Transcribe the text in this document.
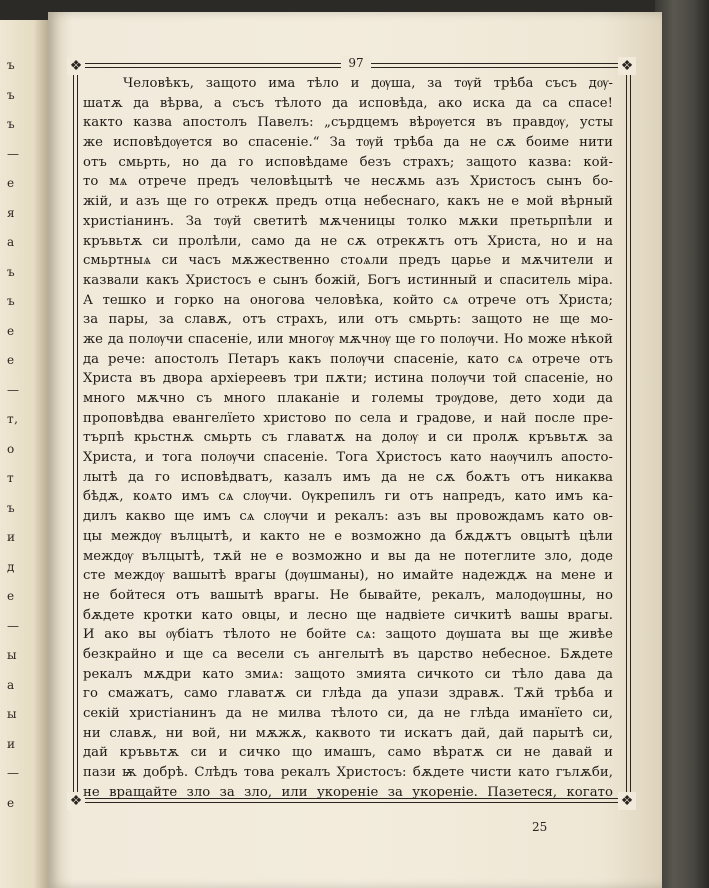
ъ
ъ
ъ
—
е
я
а
ъ
ъ
е
е
—
т,
о
т
ъ
и
д
е
—
ы
а
ы
и
—
е
❖	❖
❖	❖
97
Человѣкъ, защото има тѣло и дѹша, за тѹй трѣба съсъ дѹ-
шатѫ да вѣрва, а съсъ тѣлото да исповѣда, ако иска да са спасе!
както казва апостолъ Павелъ: „сърдцемъ вѣрѹется въ правдѹ, усты
же исповѣдѹется во спасеніе.“ За тѹй трѣба да не сѫ боиме нити
отъ смьрть, но да го исповѣдаме безъ страхъ; защото казва: кой-
то мѧ отрече предъ человѣцытѣ че несѫмь азъ Христосъ сынъ бо-
жій, и азъ ще го отрекѫ предъ отца небеснаго, какъ не е мой вѣрный
христіанинъ. За тѹй светитѣ мѫченицы толко мѫки претьрпѣли и
кръвьтѫ си пролѣли, само да не сѫ отрекѫтъ отъ Христа, но и на
смьртныѧ си часъ мѫжественно стоѧли предъ царье и мѫчители и
казвали какъ Христосъ е сынъ божій, Богъ истинный и спаситель міра.
А тешко и горко на оногова человѣка, който сѧ отрече отъ Христа;
за пары, за славѫ, отъ страхъ, или отъ смьрть: защото не ще мо-
же да полѹчи спасеніе, или многѹ мѫчнѹ ще го полѹчи. Но може нѣкой
да рече: апостолъ Петаръ какъ полѹчи спасеніе, като сѧ отрече отъ
Христа въ двора архіереевъ три пѫти; истина полѹчи той спасеніе, но
много мѫчно съ много плаканіе и големы трѹдове, дето ходи да
проповѣдва евангелїето христово по села и градове, и най после пре-
търпѣ крьстнѫ смьрть съ главатѫ на долѹ и си пролѫ кръвьтѫ за
Христа, и тога полѹчи спасеніе. Тога Христосъ като наѹчилъ апосто-
лытѣ да го исповѣдватъ, казалъ имъ да не сѫ боѫтъ отъ никаква
бѣдѫ, коѧто имъ сѧ слѹчи. Ѹкрепилъ ги отъ напредъ, като имъ ка-
дилъ какво ще имъ сѧ слѹчи и рекалъ: азъ вы провождамъ като ов-
цы междѹ вълцытѣ, и както не е возможно да бѫдѫтъ овцытѣ цѣли
междѹ вълцытѣ, тѫй не е возможно и вы да не потеглите зло, доде
сте междѹ вашытѣ врагы (дѹшманы), но имайте надеждѫ на мене и
не бойтеся отъ вашытѣ врагы. Не бывайте, рекалъ, малодѹшны, но
бѫдете кротки като овцы, и лесно ще надвіете сичкитѣ вашы врагы.
И ако вы ѹбіатъ тѣлото не бойте сѧ: защото дѹшата вы ще живѣе
безкрайно и ще са весели съ ангелытѣ въ царство небесное. Бѫдете
рекалъ мѫдри като змиѧ: защото змията сичкото си тѣло дава да
го смажатъ, само главатѫ си глѣда да упази здравѫ. Тѫй трѣба и
секій христіанинъ да не милва тѣлото си, да не глѣда иманїето си,
ни славѫ, ни вой, ни мѫжѫ, каквото ти искатъ дай, дай парытѣ си,
дай кръвьтѫ си и сичко що имашъ, само вѣратѫ си не давай и
пази ѭ добрѣ. Слѣдъ това рекалъ Христосъ: бѫдете чисти като гълѫби,
не вращайте зло за зло, или укореніе за укореніе. Пазетеся, когато
25
